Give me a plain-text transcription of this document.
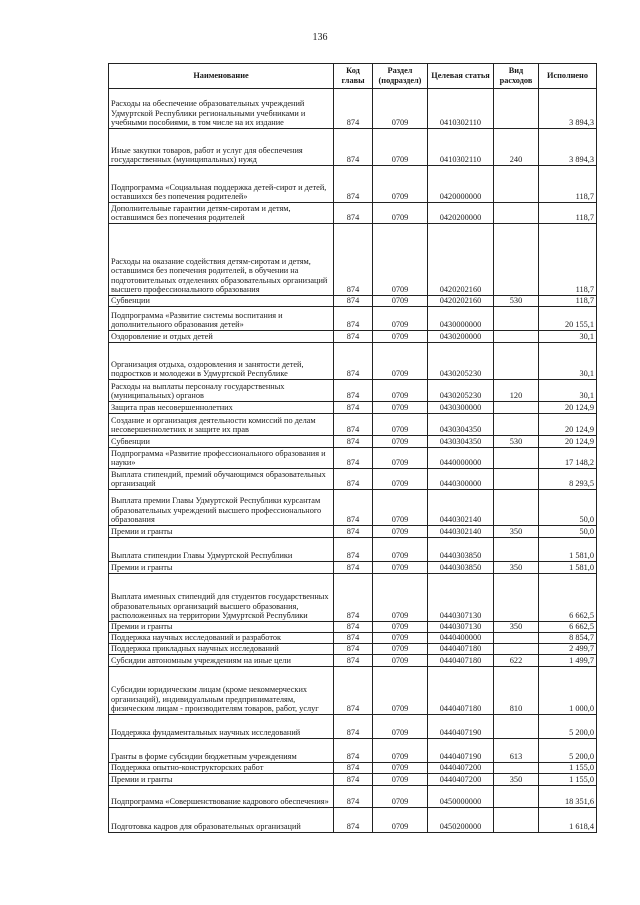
136
Наименование	Код главы	Раздел (подраздел)	Целевая статья	Вид расходов	Исполнено
Расходы на обеспечение образовательных учреждений Удмуртской Республики региональными учебниками и учебными пособиями, в том числе на их издание	874	0709	0410302110		3 894,3
Иные закупки товаров, работ и услуг для обеспечения государственных (муниципальных) нужд	874	0709	0410302110	240	3 894,3
Подпрограмма «Социальная поддержка детей-сирот и детей, оставшихся без попечения родителей»	874	0709	0420000000		118,7
Дополнительные гарантии детям-сиротам и детям, оставшимся без попечения родителей	874	0709	0420200000		118,7
Расходы на оказание содействия детям-сиротам и детям, оставшимся без попечения родителей, в обучении на подготовительных отделениях образовательных организаций высшего профессионального образования	874	0709	0420202160		118,7
Субвенции	874	0709	0420202160	530	118,7
Подпрограмма «Развитие системы воспитания и дополнительного образования детей»	874	0709	0430000000		20 155,1
Оздоровление и отдых детей	874	0709	0430200000		30,1
Организация отдыха, оздоровления и занятости детей, подростков и молодежи в Удмуртской Республике	874	0709	0430205230		30,1
Расходы на выплаты персоналу государственных (муниципальных) органов	874	0709	0430205230	120	30,1
Защита прав несовершеннолетних	874	0709	0430300000		20 124,9
Создание и организация деятельности комиссий по делам несовершеннолетних и защите их прав	874	0709	0430304350		20 124,9
Субвенции	874	0709	0430304350	530	20 124,9
Подпрограмма «Развитие профессионального образования и науки»	874	0709	0440000000		17 148,2
Выплата стипендий, премий обучающимся образовательных организаций	874	0709	0440300000		8 293,5
Выплата премии Главы Удмуртской Республики курсантам образовательных учреждений высшего профессионального образования	874	0709	0440302140		50,0
Премии и гранты	874	0709	0440302140	350	50,0
Выплата стипендии Главы Удмуртской Республики	874	0709	0440303850		1 581,0
Премии и гранты	874	0709	0440303850	350	1 581,0
Выплата именных стипендий для студентов государственных образовательных организаций высшего образования, расположенных на территории Удмуртской Республики	874	0709	0440307130		6 662,5
Премии и гранты	874	0709	0440307130	350	6 662,5
Поддержка научных исследований и разработок	874	0709	0440400000		8 854,7
Поддержка прикладных научных исследований	874	0709	0440407180		2 499,7
Субсидии автономным учреждениям на иные цели	874	0709	0440407180	622	1 499,7
Субсидии юридическим лицам (кроме некоммерческих организаций), индивидуальным предпринимателям, физическим лицам - производителям товаров, работ, услуг	874	0709	0440407180	810	1 000,0
Поддержка фундаментальных научных исследований	874	0709	0440407190		5 200,0
Гранты в форме субсидии бюджетным учреждениям	874	0709	0440407190	613	5 200,0
Поддержка опытно-конструкторских работ	874	0709	0440407200		1 155,0
Премии и гранты	874	0709	0440407200	350	1 155,0
Подпрограмма «Совершенствование кадрового обеспечения»	874	0709	0450000000		18 351,6
Подготовка кадров для образовательных организаций	874	0709	0450200000		1 618,4
